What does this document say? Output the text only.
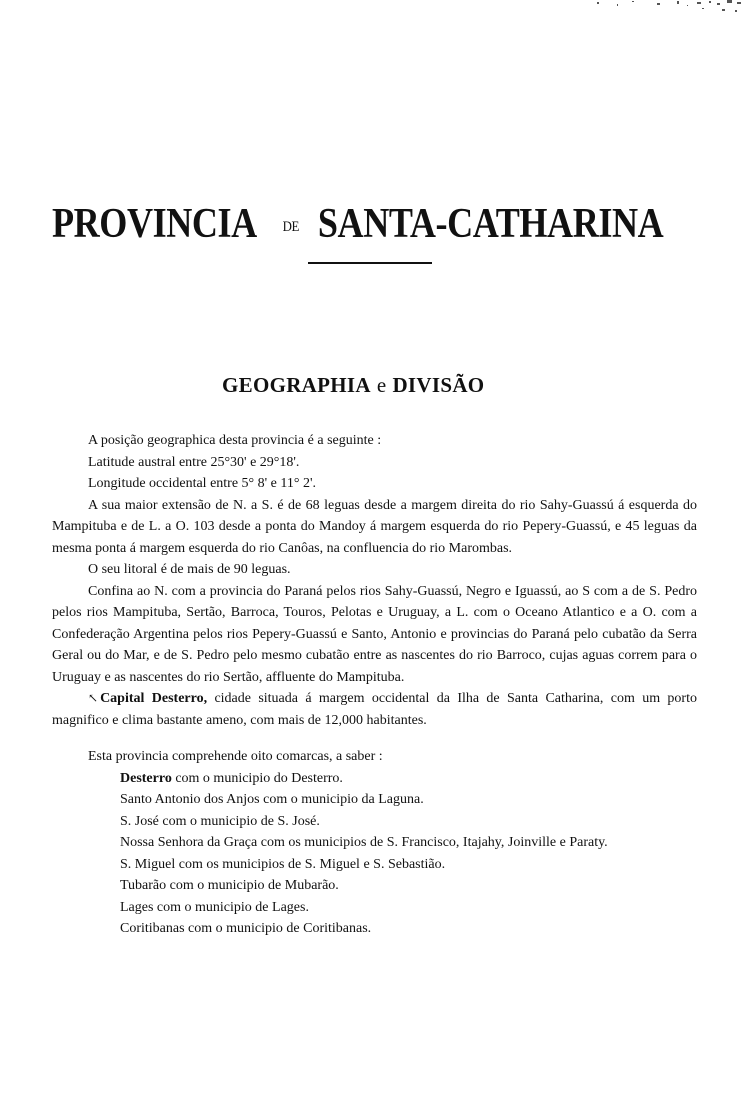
PROVINCIA DE SANTA-CATHARINA
GEOGRAPHIA e DIVISÃO

A posição geographica desta provincia é a seguinte :

Latitude austral entre 25°30' e 29°18'.

Longitude occidental entre 5° 8' e 11° 2'.

A sua maior extensão de N. a S. é de 68 leguas desde a margem direita do rio Sahy-Guassú á esquerda do Mampituba e de L. a O. 103 desde a ponta do Mandoy á margem esquerda do rio Pepery-Guassú, e 45 leguas da mesma ponta á margem esquerda do rio Canôas, na confluencia do rio Marombas.

O seu litoral é de mais de 90 leguas.

Confina ao N. com a provincia do Paraná pelos rios Sahy-Guassú, Negro e Iguassú, ao S com a de S. Pedro pelos rios Mampituba, Sertão, Barroca, Touros, Pelotas e Uruguay, a L. com o Oceano Atlantico e a O. com a Confederação Argentina pelos rios Pepery-Guassú e Santo, Antonio e provincias do Paraná pelo cubatão da Serra Geral ou do Mar, e de S. Pedro pelo mesmo cubatão entre as nascentes do rio Barroco, cujas aguas correm para o Uruguay e as nascentes do rio Sertão, affluente do Mampituba.

↖ Capital Desterro, cidade situada á margem occidental da Ilha de Santa Catharina, com um porto magnifico e clima bastante ameno, com mais de 12,000 habitantes.

Esta provincia comprehende oito comarcas, a saber :

Desterro com o municipio do Desterro.
Santo Antonio dos Anjos com o municipio da Laguna.
S. José com o municipio de S. José.
Nossa Senhora da Graça com os municipios de S. Francisco, Itajahy, Joinville e Paraty.
S. Miguel com os municipios de S. Miguel e S. Sebastião.
Tubarão com o municipio de Mubarão.
Lages com o municipio de Lages.
Coritibanas com o municipio de Coritibanas.
